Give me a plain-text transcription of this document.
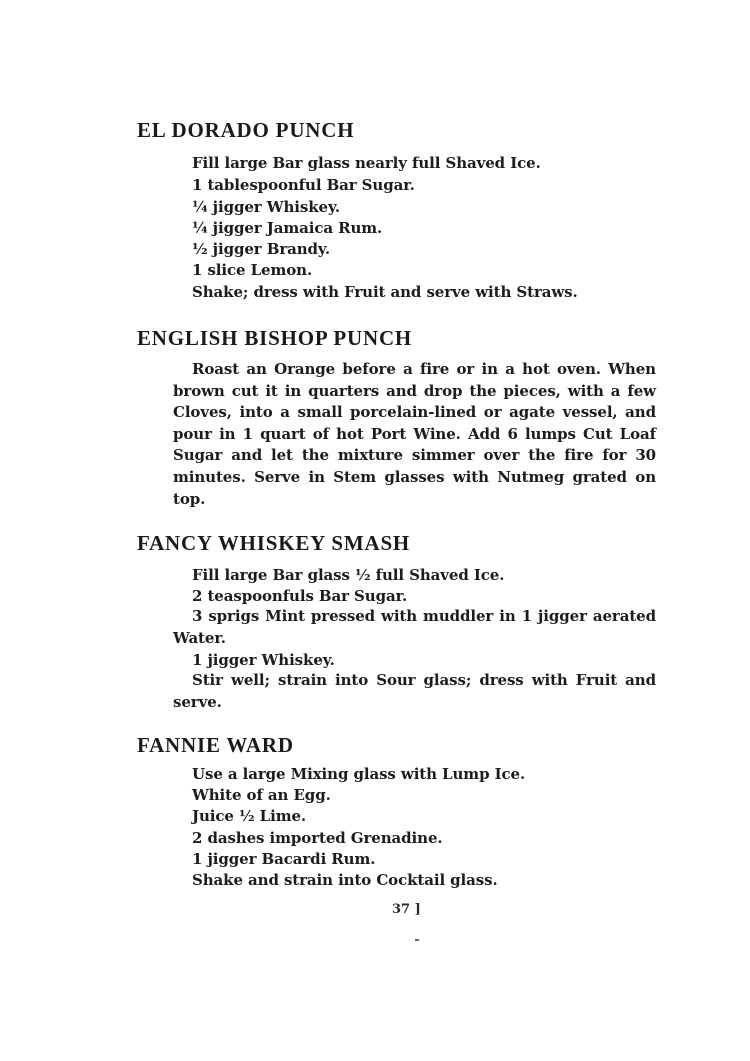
EL DORADO PUNCH
Fill large Bar glass nearly full Shaved Ice.
1 tablespoonful Bar Sugar.
¼ jigger Whiskey.
¼ jigger Jamaica Rum.
½ jigger Brandy.
1 slice Lemon.
Shake; dress with Fruit and serve with Straws.
ENGLISH BISHOP PUNCH

Roast an Orange before a fire or in a hot oven. When brown cut it in quarters and drop the pieces, with a few Cloves, into a small porcelain-lined or agate vessel, and pour in 1 quart of hot Port Wine. Add 6 lumps Cut Loaf Sugar and let the mixture simmer over the fire for 30 minutes. Serve in Stem glasses with Nutmeg grated on top.

FANCY WHISKEY SMASH
Fill large Bar glass ½ full Shaved Ice.
2 teaspoonfuls Bar Sugar.

3 sprigs Mint pressed with muddler in 1 jigger aerated Water.

1 jigger Whiskey.

Stir well; strain into Sour glass; dress with Fruit and serve.

FANNIE WARD
Use a large Mixing glass with Lump Ice.
White of an Egg.
Juice ½ Lime.
2 dashes imported Grenadine.
1 jigger Bacardi Rum.
Shake and strain into Cocktail glass.
37 ]
